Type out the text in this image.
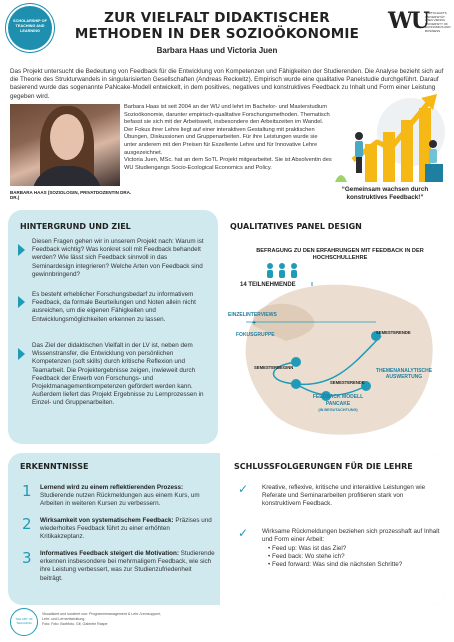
SCHOLARSHIP OF TEACHING AND LEARNING
ZUR VIELFALT DIDAKTISCHER METHODEN IN DER SOZIOÖKONOMIE
Barbara Haas und Victoria Juen
WU
WIRTSCHAFTS UNIVERSITÄT WIEN VIENNA UNIVERSITY OF ECONOMICS AND BUSINESS
Das Projekt untersucht die Bedeutung von Feedback für die Entwicklung von Kompetenzen und Fähigkeiten der Studierenden. Die Analyse bezieht sich auf die Theorie des Strukturwandels in singularisierten Gesellschaften (Andreas Reckwitz). Empirisch wurde eine qualitative Panelstudie durchgeführt. Darauf basierend wurde das sogenannte PaNcake-Modell entwickelt, in dem positives, negatives und konstruktives Feedback zu Inhalt und Form einer Leistung gegeben wird.
BARBARA HAAS (SOZIOLOGIN, PRIVATDOZENTIN DRA. DR.)
Barbara Haas ist seit 2004 an der WU und lehrt im Bachelor- und Masterstudium Sozioökonomie, darunter empirisch-qualitative Forschungsmethoden. Thematisch befasst sie sich mit der Arbeitswelt, insbesondere den Arbeitszeiten im Wandel. Der Fokus ihrer Lehre liegt auf einer interaktiven Gestaltung mit praktischen Übungen, Diskussionen und Gruppenarbeiten. Für ihre Leistungen wurde sie unter anderem mit den Preisen für Exzellente Lehre und für Innovative Lehre ausgezeichnet.
Victoria Juen, MSc. hat an dem SoTL Projekt mitgearbeitet. Sie ist Absolventin des WU Studiengangs Socio-Ecological Economics and Policy.
“Gemeinsam wachsen durch konstruktives Feedback!”
HINTERGRUND UND ZIEL
Diesen Fragen gehen wir in unserem Projekt nach: Warum ist Feedback wichtig? Was konkret soll mit Feedback behandelt werden? Wie lässt sich Feedback sinnvoll in das Seminardesign integrieren? Welche Arten von Feedback sind gewinnbringend?
Es besteht erheblicher Forschungsbedarf zu informativem Feedback, da formale Beurteilungen und Noten allein nicht ausreichen, um die eigenen Fähigkeiten und Entwicklungsmöglichkeiten erkennen zu lassen.
Das Ziel der didaktischen Vielfalt in der LV ist, neben dem Wissenstransfer, die Entwicklung von persönlichen Kompetenzen (soft skills) durch kritische Reflexion und Teamarbeit. Die Projektergebnisse zeigen, inwieweit durch Feedback der Erwerb von Forschungs- und Projektmanagementkompetenzen gefördert werden kann. Außerdem liefert das Projekt Ergebnisse zu Lernprozessen in Einzel- und Gruppenarbeiten.
QUALITATIVES PANEL DESIGN
BEFRAGUNG ZU DEN ERFAHRUNGEN MIT FEEDBACK IN DER HOCHSCHULLEHRE
14 TEILNEHMENDE
EINZELINTERVIEWS
+
FOKUSGRUPPE	SEMESTERENDE
SEMESTERBEGINN
SEMESTERENDE
THEMENANALYTISCHE AUSWERTUNG
FEEDBACK MODELL
PANCAKE
(IN BEGUTACHTUNG)
ERKENNTNISSE	SCHLUSSFOLGERUNGEN FÜR DIE LEHRE
1 Lernend wird zu einem reflektierenden Prozess: Studierende nutzen Rückmeldungen aus einem Kurs, um Arbeiten in weiteren Kursen zu verbessern.
2 Wirksamkeit von systematischem Feedback: Präzises und wiederholtes Feedback führt zu einer erhöhten Kritikakzeptanz.
3 Informatives Feedback steigert die Motivation: Studierende erkennen insbesondere bei mehrmaligem Feedback, wie sich ihre Leistung verbessert, was zur Studienzufriedenheit beiträgt.
✓ Kreative, reflexive, kritische und interaktive Leistungen wie Referate und Seminararbeiten profitieren stark von konstruktivem Feedback.
✓ Wirksame Rückmeldungen beziehen sich prozesshaft auf Inhalt und Form einer Arbeit:
• Feed up: Was ist das Ziel?
• Feed back: Wo stehe ich?
• Feed forward: Was sind die nächsten Schritte?
THE ART OF TEACHING
Visualisiert und kuratiert von: Programmmanagement & Lehr-/Lernsupport,
Lehr- und Lernentwicklung
Foto: Foto: Barbfoto, Gif, Gabriele Raspe
